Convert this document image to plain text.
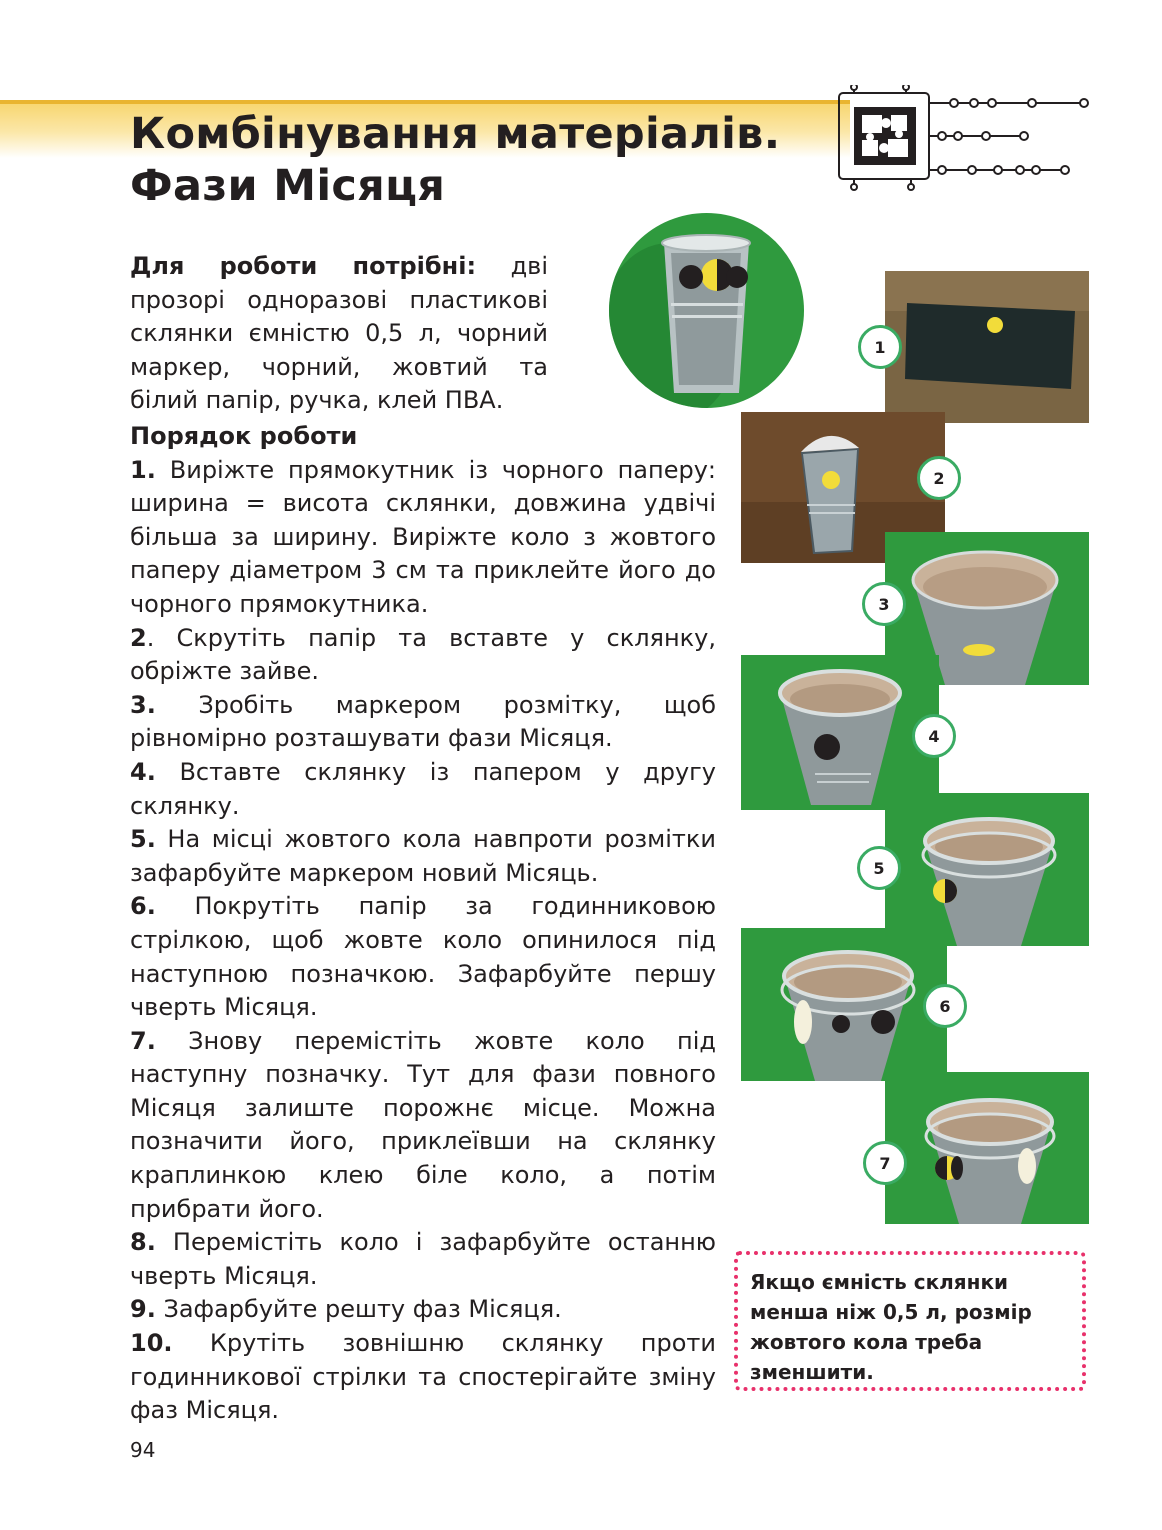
Комбінування матеріалів.
Фази Місяця
1
2
3
4
5
6
7
Для роботи потрібні: дві прозорі одноразові пластикові склянки ємністю 0,5 л, чорний маркер, чорний, жовтий та білий папір, ручка, клей ПВА.
Порядок роботи

1. Виріжте прямокутник із чорного паперу: ширина = висота склянки, довжина удвічі більша за ширину. Виріжте коло з жовтого паперу діаметром 3 см та приклейте його до чорного прямокутника.

2. Скрутіть папір та вставте у склянку, обріжте зайве.

3. Зробіть маркером розмітку, щоб рівномірно розташувати фази Місяця.

4. Вставте склянку із папером у другу склянку.

5. На місці жовтого кола навпроти розмітки зафарбуйте маркером новий Місяць.

6. Покрутіть папір за годинниковою стрілкою, щоб жовте коло опинилося під наступною позначкою. Зафарбуйте першу чверть Місяця.

7. Знову перемістіть жовте коло під наступну позначку. Тут для фази повного Місяця залиште порожнє місце. Можна позначити його, приклеївши на склянку краплинкою клею біле коло, а потім прибрати його.

8. Перемістіть коло і зафарбуйте останню чверть Місяця.

9. Зафарбуйте решту фаз Місяця.

10. Крутіть зовнішню склянку проти годинникової стрілки та спостерігайте зміну фаз Місяця.

Якщо ємність склянки менша ніж 0,5 л, розмір жовтого кола треба зменшити.
94
